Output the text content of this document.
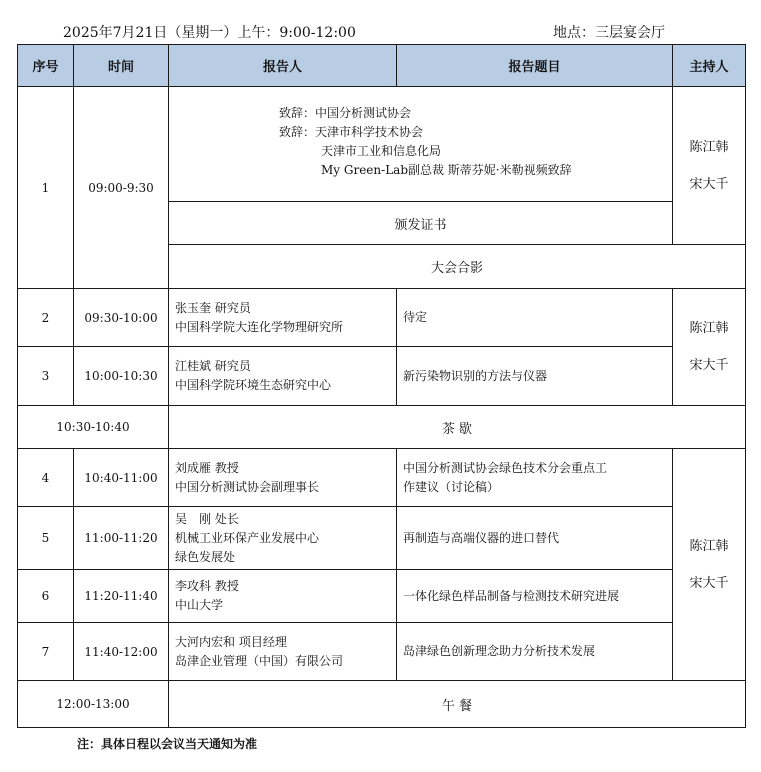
2025年7月21日（星期一）上午：9:00-12:00	地点：三层宴会厅
序号	时间	报告人	报告题目	主持人
1	09:00-9:30	致辞：中国分析测试协会
致辞：天津市科学技术协会
天津市工业和信息化局
My Green-Lab副总裁 斯蒂芬妮·米勒视频致辞		陈江韩
宋大千

		颁发证书		
		大会合影		
2	09:30-10:00	张玉奎 研究员
中国科学院大连化学物理研究所	待定	陈江韩
宋大千

3	10:00-10:30	江桂斌 研究员
中国科学院环境生态研究中心	新污染物识别的方法与仪器	

10:30-10:40		茶 歇		
4	10:40-11:00	刘成雁 教授
中国分析测试协会副理事长	中国分析测试协会绿色技术分会重点工
作建议（讨论稿）	陈江韩
宋大千

5	11:00-11:20	吴　刚 处长
机械工业环保产业发展中心
绿色发展处	再制造与高端仪器的进口替代	

6	11:20-11:40	李攻科 教授
中山大学	一体化绿色样品制备与检测技术研究进展	

7	11:40-12:00	大河内宏和 项目经理
岛津企业管理（中国）有限公司	岛津绿色创新理念助力分析技术发展	

12:00-13:00		午 餐		
注：具体日程以会议当天通知为准
